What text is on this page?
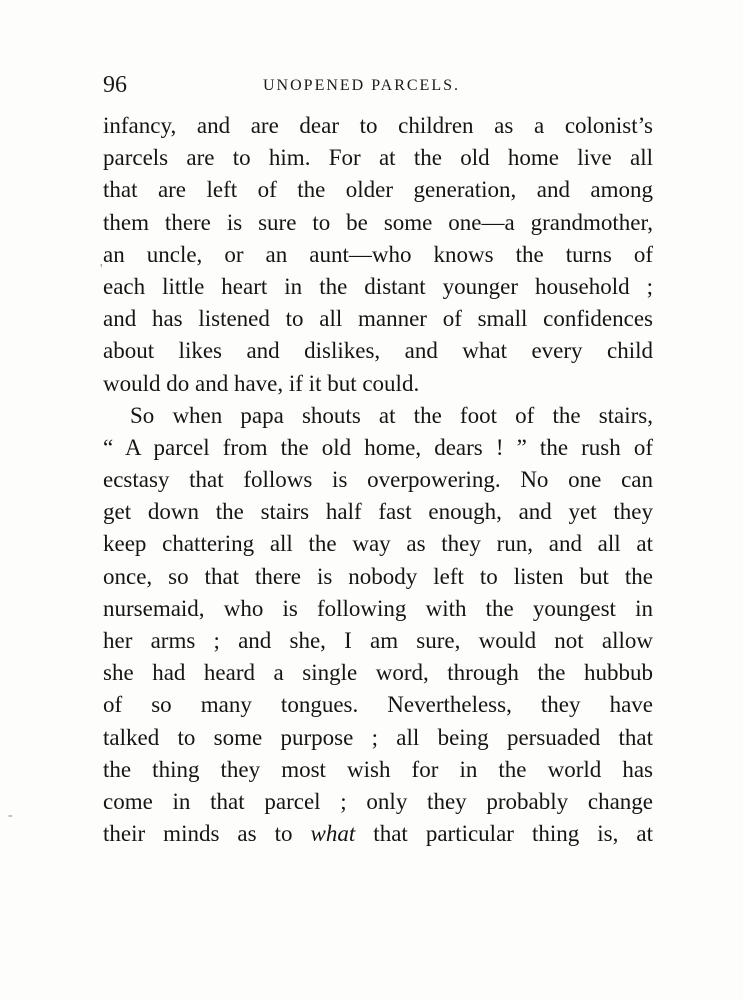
96	UNOPENED PARCELS.
infancy, and are dear to children as a colonist’s
parcels are to him. For at the old home live all
that are left of the older generation, and among
them there is sure to be some one—a grandmother,
an uncle, or an aunt—who knows the turns of
each little heart in the distant younger household ;
and has listened to all manner of small confidences
about likes and dislikes, and what every child
would do and have, if it but could.
So when papa shouts at the foot of the stairs,
“ A parcel from the old home, dears ! ” the rush of
ecstasy that follows is overpowering. No one can
get down the stairs half fast enough, and yet they
keep chattering all the way as they run, and all at
once, so that there is nobody left to listen but the
nursemaid, who is following with the youngest in
her arms ; and she, I am sure, would not allow
she had heard a single word, through the hubbub
of so many tongues. Nevertheless, they have
talked to some purpose ; all being persuaded that
the thing they most wish for in the world has
come in that parcel ; only they probably change
their minds as to what that particular thing is, at
'
-
